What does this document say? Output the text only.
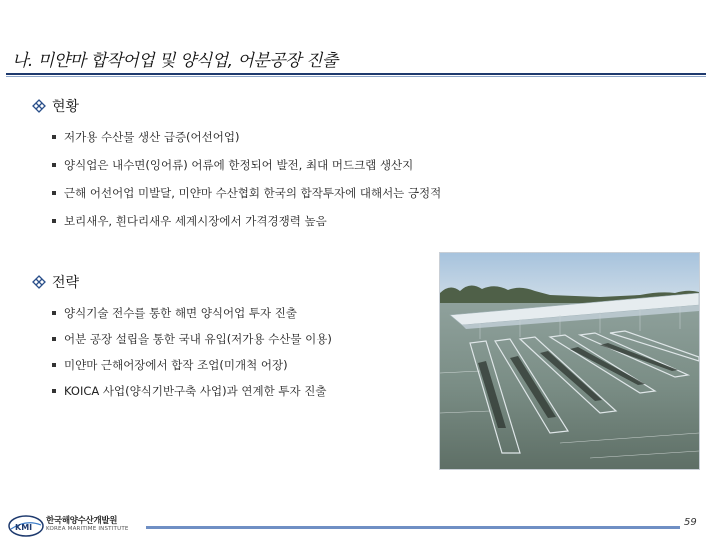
나. 미얀마 합작어업 및 양식업, 어분공장 진출
현황
저가용 수산물 생산 급증(어선어업)
양식업은 내수면(잉어류) 어류에 한정되어 발전, 최대 머드크랩 생산지
근해 어선어업 미발달, 미얀마 수산협회 한국의 합작투자에 대해서는 긍정적
보리새우, 흰다리새우 세계시장에서 가격경쟁력 높음
전략
양식기술 전수를 통한 해면 양식어업 투자 진출
어분 공장 설립을 통한 국내 유입(저가용 수산물 이용)
미얀마 근해어장에서 합작 조업(미개척 어장)
KOICA 사업(양식기반구축 사업)과 연계한 투자 진출
KMI
한국해양수산개발원
KOREA MARITIME INSTITUTE
59
